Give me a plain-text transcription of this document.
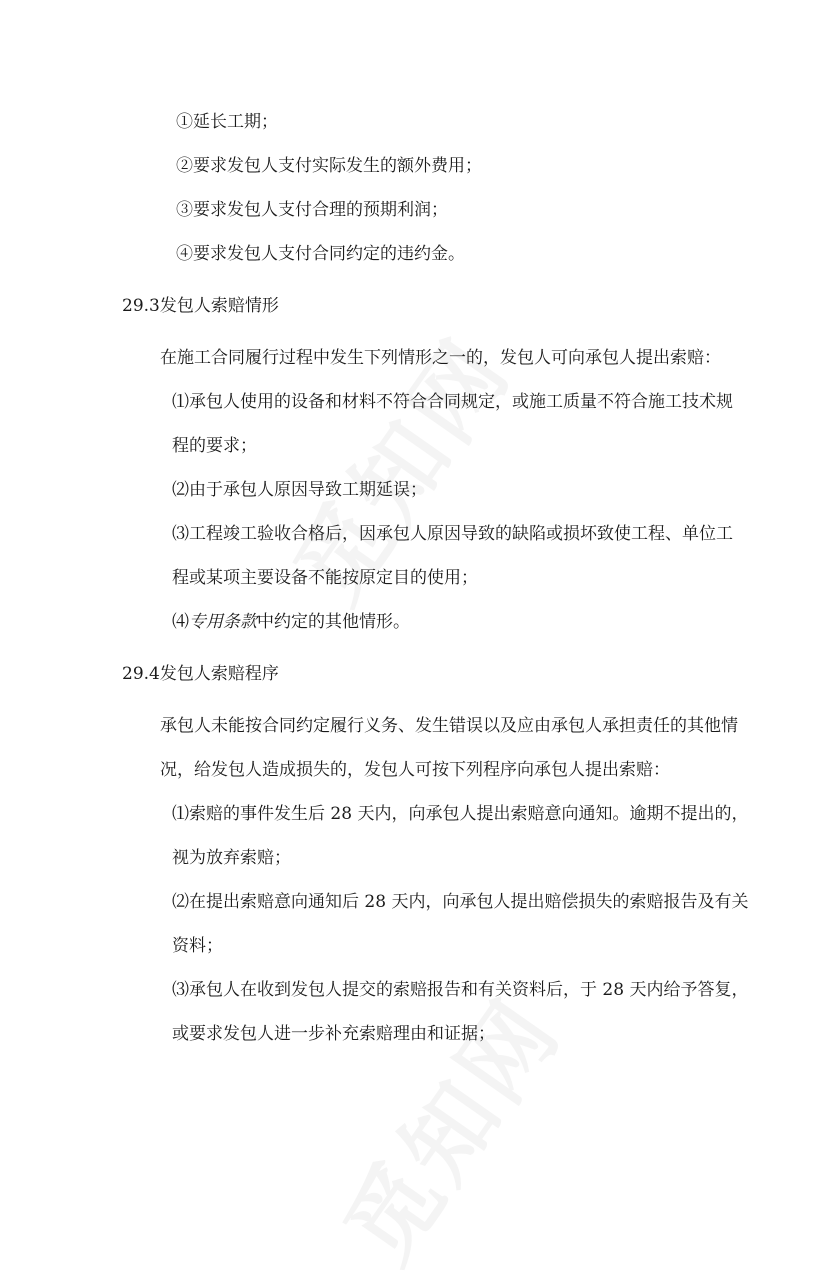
①延长工期；
②要求发包人支付实际发生的额外费用；
③要求发包人支付合理的预期利润；
④要求发包人支付合同约定的违约金。
29.3发包人索赔情形
在施工合同履行过程中发生下列情形之一的，发包人可向承包人提出索赔：
⑴承包人使用的设备和材料不符合合同规定，或施工质量不符合施工技术规
程的要求；
⑵由于承包人原因导致工期延误；
⑶工程竣工验收合格后，因承包人原因导致的缺陷或损坏致使工程、单位工
程或某项主要设备不能按原定目的使用；
⑷专用条款中约定的其他情形。
29.4发包人索赔程序
承包人未能按合同约定履行义务、发生错误以及应由承包人承担责任的其他情
况，给发包人造成损失的，发包人可按下列程序向承包人提出索赔：
⑴索赔的事件发生后 28 天内，向承包人提出索赔意向通知。逾期不提出的，
视为放弃索赔；
⑵在提出索赔意向通知后 28 天内，向承包人提出赔偿损失的索赔报告及有关
资料；
⑶承包人在收到发包人提交的索赔报告和有关资料后，于 28 天内给予答复，
或要求发包人进一步补充索赔理由和证据；
